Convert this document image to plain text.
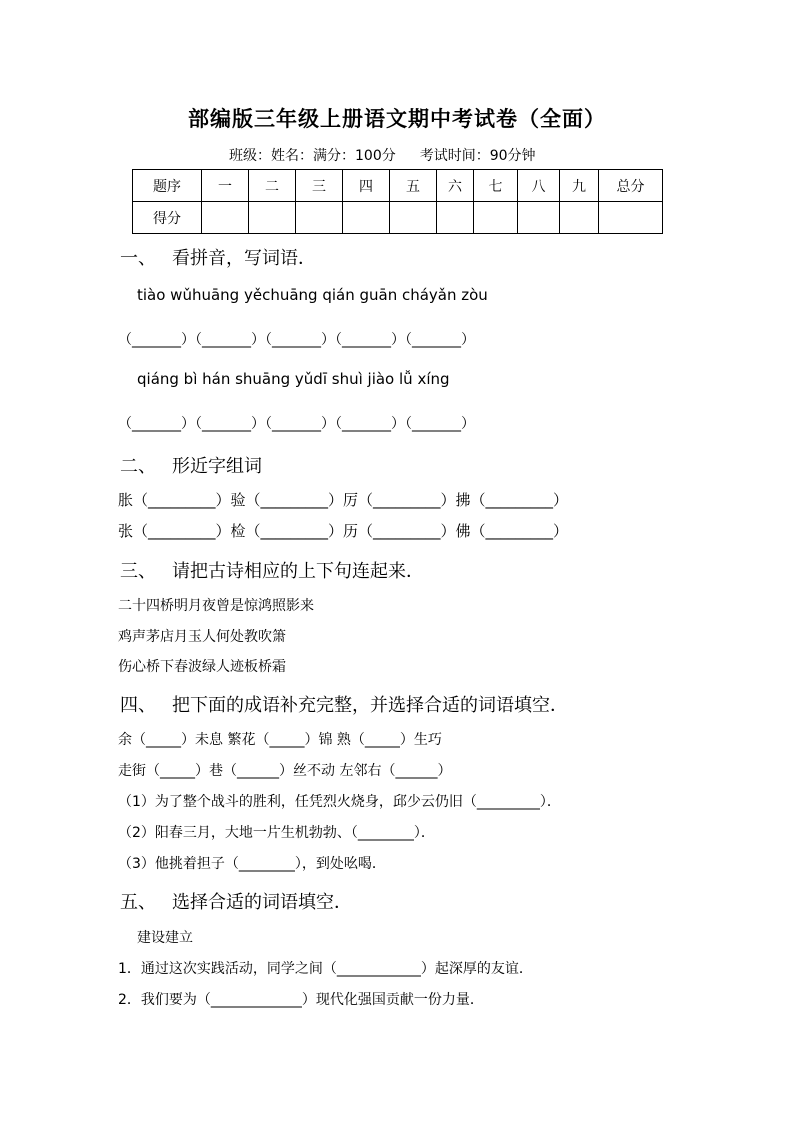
部编版三年级上册语文期中考试卷（全面）
班级：姓名：满分：100分 考试时间：90分钟
题序	一	二	三	四	五	六	七	八	九	总分
得分										
一、 看拼音，写词语．
tiào wǔhuāng yěchuāng qián guān cháyǎn zòu
（_______）（_______）（_______）（_______）（_______）
qiáng bì hán shuāng yǔdī shuì jiào lǚ xíng
（_______）（_______）（_______）（_______）（_______）
二、 形近字组词
胀（_________）验（_________）厉（_________）拂（_________）
张（_________）检（_________）历（_________）佛（_________）
三、 请把古诗相应的上下句连起来．
二十四桥明月夜曾是惊鸿照影来
鸡声茅店月玉人何处教吹箫
伤心桥下春波绿人迹板桥霜
四、 把下面的成语补充完整，并选择合适的词语填空．
余（_____）未息 繁花（_____）锦 熟（_____）生巧
走街（_____）巷（______）丝不动 左邻右（______）
（1）为了整个战斗的胜利，任凭烈火烧身，邱少云仍旧（_________）．
（2）阳春三月，大地一片生机勃勃、（________）．
（3）他挑着担子（________），到处吆喝．
五、 选择合适的词语填空．
建设建立
1．通过这次实践活动，同学之间（____________）起深厚的友谊．
2．我们要为（_____________）现代化强国贡献一份力量．
